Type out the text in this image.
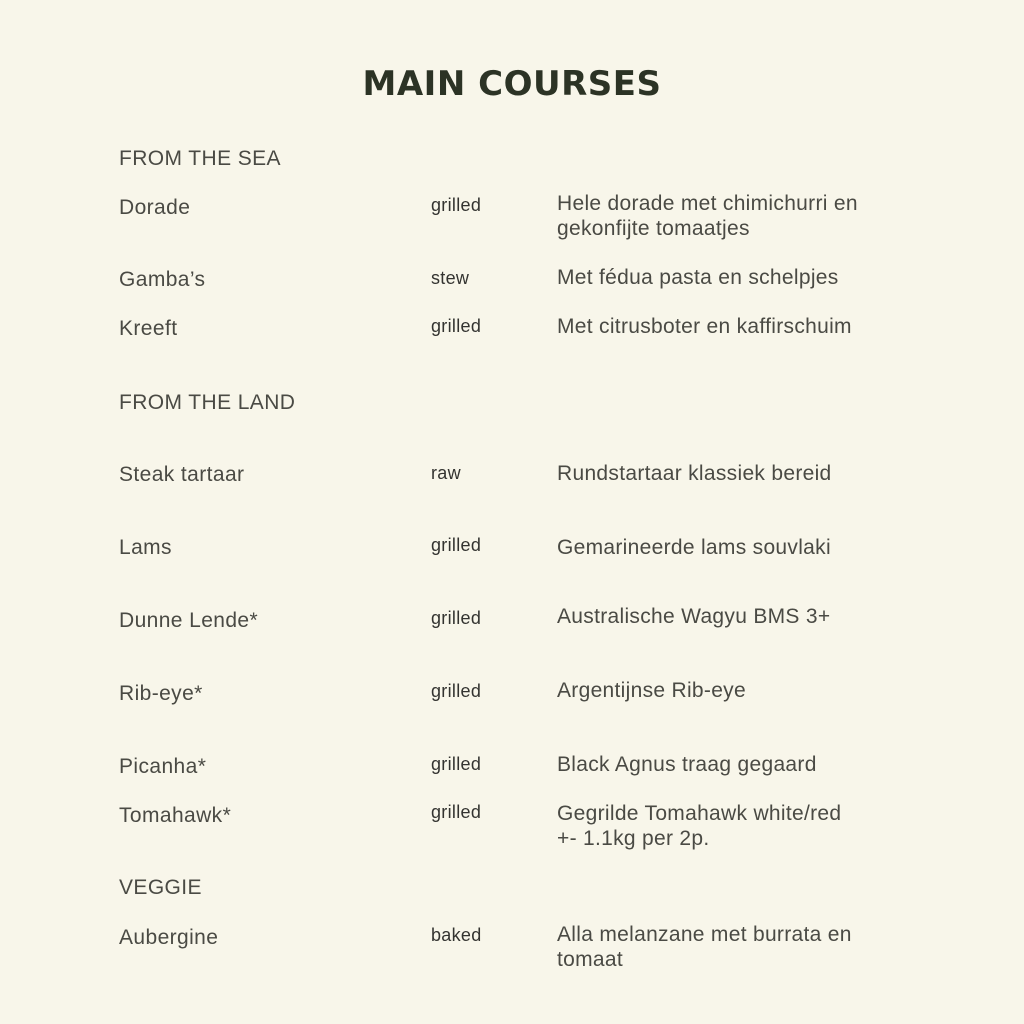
MAIN COURSES
FROM THE SEA
Dorade	grilled	Hele dorade met chimichurri en
gekonfijte tomaatjes
Gamba’s	stew	Met fédua pasta en schelpjes
Kreeft	grilled	Met citrusboter en kaffirschuim
FROM THE LAND
Steak tartaar	raw	Rundstartaar klassiek bereid
Lams	grilled	Gemarineerde lams souvlaki
Dunne Lende*	grilled	Australische Wagyu BMS 3+
Rib-eye*	grilled	Argentijnse Rib-eye
Picanha*	grilled	Black Agnus traag gegaard
Tomahawk*	grilled	Gegrilde Tomahawk white/red
+- 1.1kg per 2p.
VEGGIE
Aubergine	baked	Alla melanzane met burrata en
tomaat
